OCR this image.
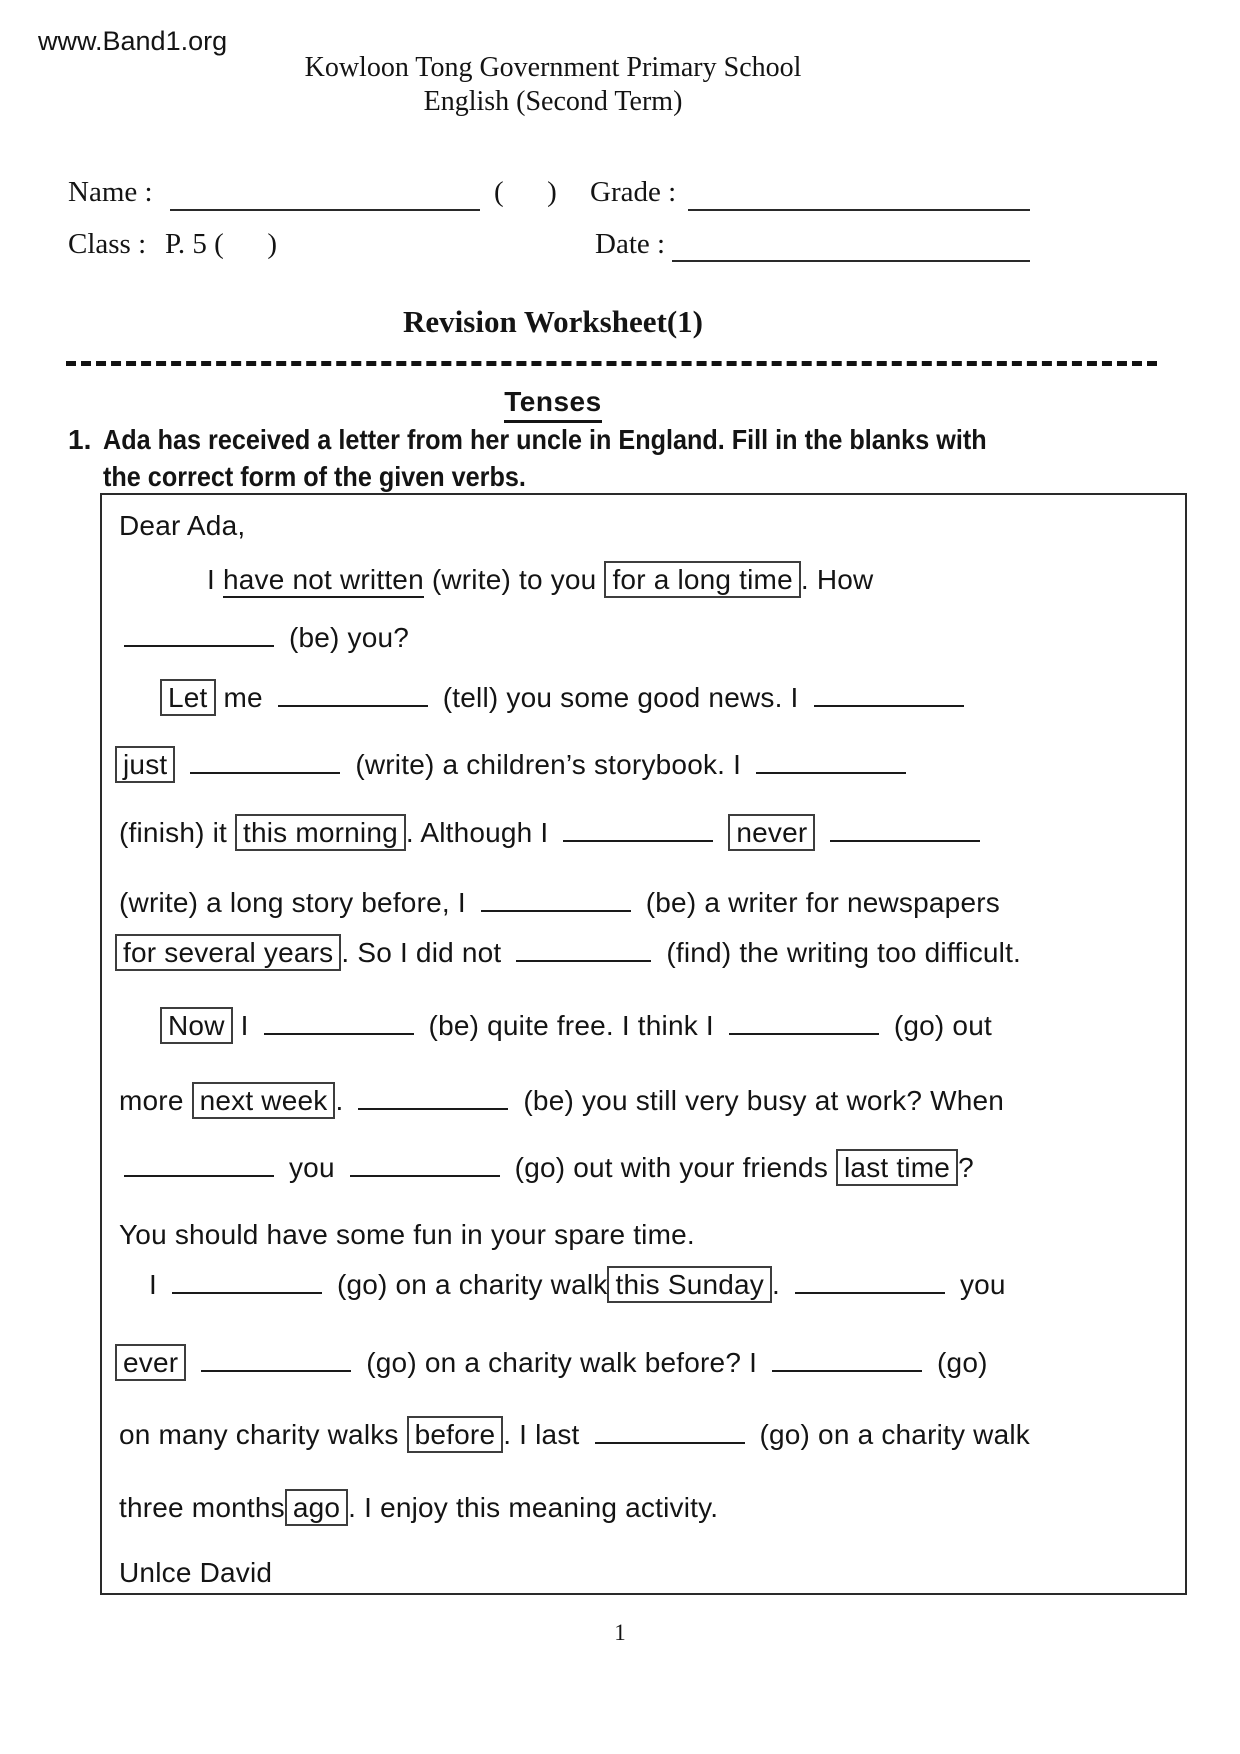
www.Band1.org
Kowloon Tong Government Primary School
English (Second Term)
Name :	(      ) Grade :
Class : P. 5 (      )	Date :
Revision Worksheet(1)
Tenses
1. Ada has received a letter from her uncle in England. Fill in the blanks with
the correct form of the given verbs.
Dear Ada,
I have not written (write) to you for a long time . How
(be) you?
Let me	(tell) you some good news. I
just	(write) a children’s storybook. I
(finish) it this morning . Although I	never
(write) a long story before, I	(be) a writer for newspapers
for several years . So I did not	(find) the writing too difficult.
Now I	(be) quite free. I think I	(go) out
more next week .	(be) you still very busy at work? When
you	(go) out with your friends last time ?
You should have some fun in your spare time.
I	(go) on a charity walk this Sunday .	you
ever	(go) on a charity walk before? I	(go)
on many charity walks before . I last	(go) on a charity walk
three months ago . I enjoy this meaning activity.
Unlce David
1
